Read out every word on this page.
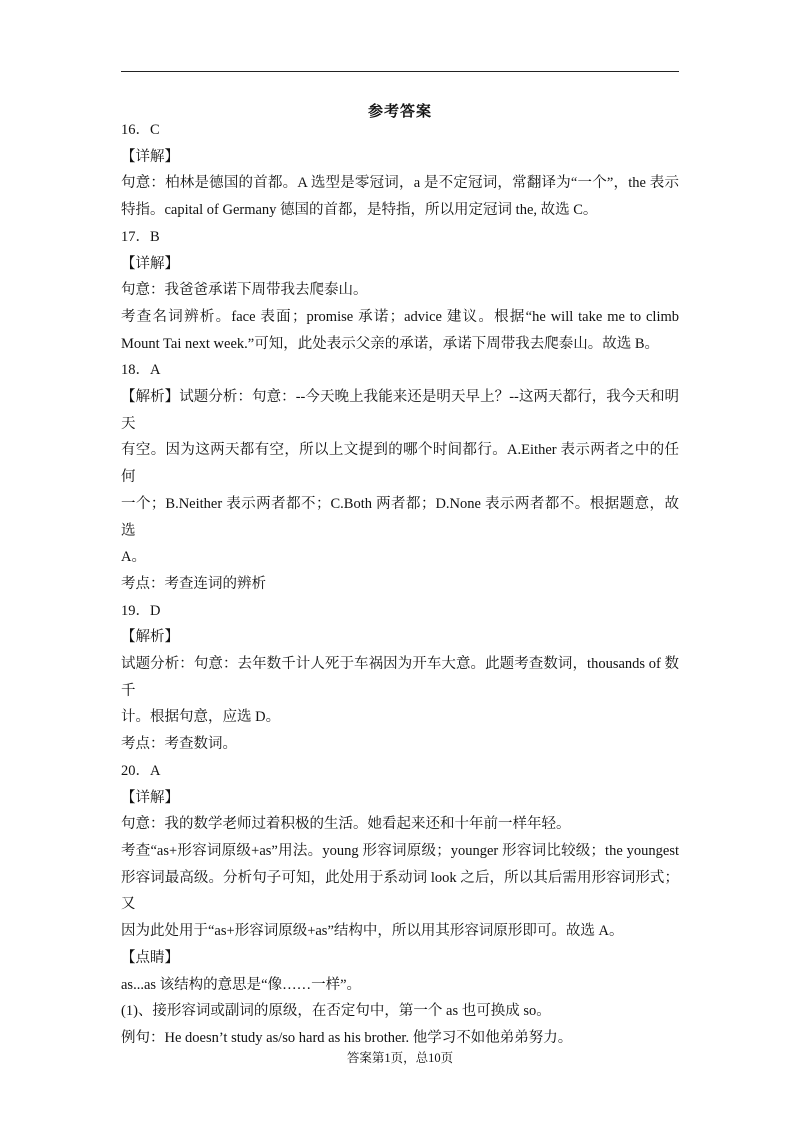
参考答案
16．C
【详解】
句意：柏林是德国的首都。A 选型是零冠词，a 是不定冠词，常翻译为“一个”，the 表示
特指。capital of Germany 德国的首都，是特指，所以用定冠词 the, 故选 C。
17．B
【详解】
句意：我爸爸承诺下周带我去爬泰山。
考查名词辨析。face 表面；promise 承诺；advice 建议。根据“he will take me to climb
Mount Tai next week.”可知，此处表示父亲的承诺，承诺下周带我去爬泰山。故选 B。
18．A
【解析】试题分析：句意：--今天晚上我能来还是明天早上？--这两天都行，我今天和明天
有空。因为这两天都有空，所以上文提到的哪个时间都行。A.Either 表示两者之中的任何
一个；B.Neither 表示两者都不；C.Both 两者都；D.None 表示两者都不。根据题意，故选
A。
考点：考查连词的辨析
19．D
【解析】
试题分析：句意：去年数千计人死于车祸因为开车大意。此题考查数词，thousands of 数千
计。根据句意，应选 D。
考点：考查数词。
20．A
【详解】
句意：我的数学老师过着积极的生活。她看起来还和十年前一样年轻。
考查“as+形容词原级+as”用法。young 形容词原级；younger 形容词比较级；the youngest
形容词最高级。分析句子可知，此处用于系动词 look 之后，所以其后需用形容词形式；又
因为此处用于“as+形容词原级+as”结构中，所以用其形容词原形即可。故选 A。
【点睛】
as...as 该结构的意思是“像……一样”。
(1)、接形容词或副词的原级，在否定句中，第一个 as 也可换成 so。
例句：He doesn’t study as/so hard as his brother. 他学习不如他弟弟努力。
答案第1页，总10页
